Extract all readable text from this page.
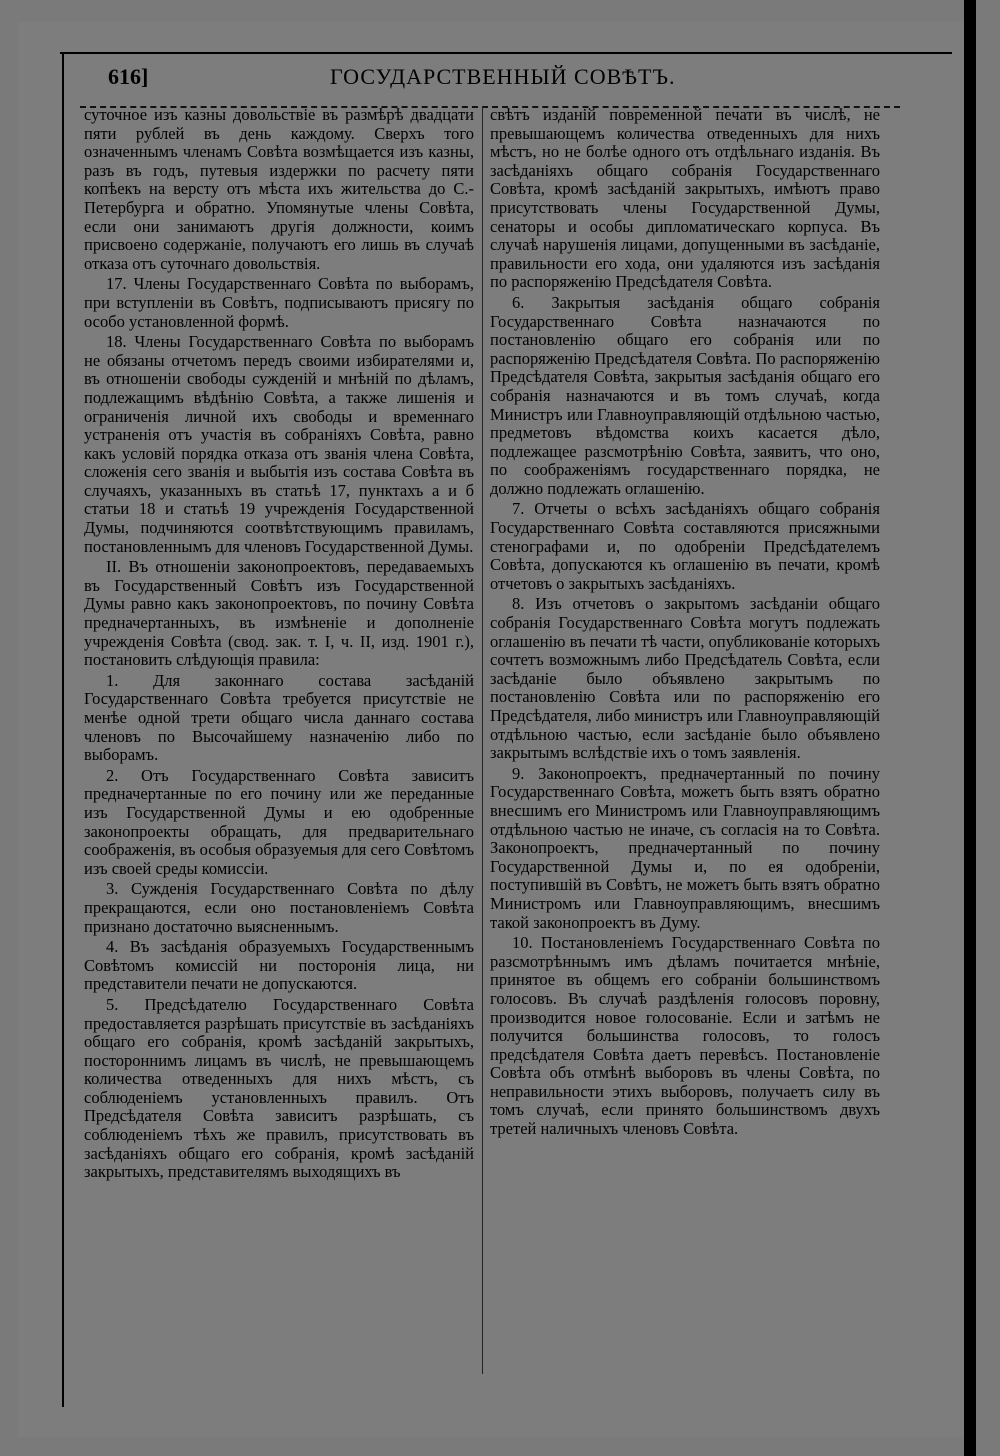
616]	ГОСУДАРСТВЕННЫЙ СОВѢТЪ.

суточное изъ казны довольствіе въ размѣрѣ двадцати пяти рублей въ день каждому. Сверхъ того означеннымъ членамъ Совѣта возмѣщается изъ казны, разъ въ годъ, путевыя издержки по расчету пяти копѣекъ на версту отъ мѣста ихъ жительства до С.-Петербурга и обратно. Упомянутые члены Совѣта, если они занимаютъ другія должности, коимъ присвоено содержаніе, получаютъ его лишь въ случаѣ отказа отъ суточнаго довольствія.

17. Члены Государственнаго Совѣта по выборамъ, при вступленіи въ Совѣтъ, подписываютъ присягу по особо установленной формѣ.

18. Члены Государственнаго Совѣта по выборамъ не обязаны отчетомъ передъ своими избирателями и, въ отношеніи свободы сужденій и мнѣній по дѣламъ, подлежащимъ вѣдѣнію Совѣта, а также лишенія и ограниченія личной ихъ свободы и временнаго устраненія отъ участія въ собраніяхъ Совѣта, равно какъ условій порядка отказа отъ званія члена Совѣта, сложенія сего званія и выбытія изъ состава Совѣта въ случаяхъ, указанныхъ въ статьѣ 17, пунктахъ а и б статьи 18 и статьѣ 19 учрежденія Государственной Думы, подчиняются соотвѣтствующимъ правиламъ, постановленнымъ для членовъ Государственной Думы.

II. Въ отношеніи законопроектовъ, передаваемыхъ въ Государственный Совѣтъ изъ Государственной Думы равно какъ законопроектовъ, по почину Совѣта предначертанныхъ, въ измѣненіе и дополненіе учрежденія Совѣта (свод. зак. т. I, ч. II, изд. 1901 г.), постановить слѣдующія правила:

1. Для законнаго состава засѣданій Государственнаго Совѣта требуется присутствіе не менѣе одной трети общаго числа даннаго состава членовъ по Высочайшему назначенію либо по выборамъ.

2. Отъ Государственнаго Совѣта зависитъ предначертанные по его почину или же переданные изъ Государственной Думы и ею одобренные законопроекты обращать, для предварительнаго соображенія, въ особыя образуемыя для сего Совѣтомъ изъ своей среды комиссіи.

3. Сужденія Государственнаго Совѣта по дѣлу прекращаются, если оно постановленіемъ Совѣта признано достаточно выясненнымъ.

4. Въ засѣданія образуемыхъ Государственнымъ Совѣтомъ комиссій ни посторонія лица, ни представители печати не допускаются.

5. Предсѣдателю Государственнаго Совѣта предоставляется разрѣшать присутствіе въ засѣданіяхъ общаго его собранія, кромѣ засѣданій закрытыхъ, постороннимъ лицамъ въ числѣ, не превышающемъ количества отведенныхъ для нихъ мѣстъ, съ соблюденіемъ установленныхъ правилъ. Отъ Предсѣдателя Совѣта зависитъ разрѣшать, съ соблюденіемъ тѣхъ же правилъ, присутствовать въ засѣданіяхъ общаго его собранія, кромѣ засѣданій закрытыхъ, представителямъ выходящихъ въ

свѣтъ изданій повременной печати въ числѣ, не превышающемъ количества отведенныхъ для нихъ мѣстъ, но не болѣе одного отъ отдѣльнаго изданія. Въ засѣданіяхъ общаго собранія Государственнаго Совѣта, кромѣ засѣданій закрытыхъ, имѣютъ право присутствовать члены Государственной Думы, сенаторы и особы дипломатическаго корпуса. Въ случаѣ нарушенія лицами, допущенными въ засѣданіе, правильности его хода, они удаляются изъ засѣданія по распоряженію Предсѣдателя Совѣта.

6. Закрытыя засѣданія общаго собранія Государственнаго Совѣта назначаются по постановленію общаго его собранія или по распоряженію Предсѣдателя Совѣта. По распоряженію Предсѣдателя Совѣта, закрытыя засѣданія общаго его собранія назначаются и въ томъ случаѣ, когда Министръ или Главноуправляющій отдѣльною частью, предметовъ вѣдомства коихъ касается дѣло, подлежащее разсмотрѣнію Совѣта, заявитъ, что оно, по соображеніямъ государственнаго порядка, не должно подлежать оглашенію.

7. Отчеты о всѣхъ засѣданіяхъ общаго собранія Государственнаго Совѣта составляются присяжными стенографами и, по одобреніи Предсѣдателемъ Совѣта, допускаются къ оглашенію въ печати, кромѣ отчетовъ о закрытыхъ засѣданіяхъ.

8. Изъ отчетовъ о закрытомъ засѣданіи общаго собранія Государственнаго Совѣта могутъ подлежать оглашенію въ печати тѣ части, опубликованіе которыхъ сочтетъ возможнымъ либо Предсѣдатель Совѣта, если засѣданіе было объявлено закрытымъ по постановленію Совѣта или по распоряженію его Предсѣдателя, либо министръ или Главноуправляющій отдѣльною частью, если засѣданіе было объявлено закрытымъ вслѣдствіе ихъ о томъ заявленія.

9. Законопроектъ, предначертанный по почину Государственнаго Совѣта, можетъ быть взятъ обратно внесшимъ его Министромъ или Главноуправляющимъ отдѣльною частью не иначе, съ согласія на то Совѣта. Законопроектъ, предначертанный по почину Государственной Думы и, по ея одобреніи, поступившій въ Совѣтъ, не можетъ быть взятъ обратно Министромъ или Главноуправляющимъ, внесшимъ такой законопроектъ въ Думу.

10. Постановленіемъ Государственнаго Совѣта по разсмотрѣннымъ имъ дѣламъ почитается мнѣніе, принятое въ общемъ его собраніи большинствомъ голосовъ. Въ случаѣ раздѣленія голосовъ поровну, производится новое голосованіе. Если и затѣмъ не получится большинства голосовъ, то голосъ предсѣдателя Совѣта даетъ перевѣсъ. Постановленіе Совѣта объ отмѣнѣ выборовъ въ члены Совѣта, по неправильности этихъ выборовъ, получаетъ силу въ томъ случаѣ, если принято большинствомъ двухъ третей наличныхъ членовъ Совѣта.
